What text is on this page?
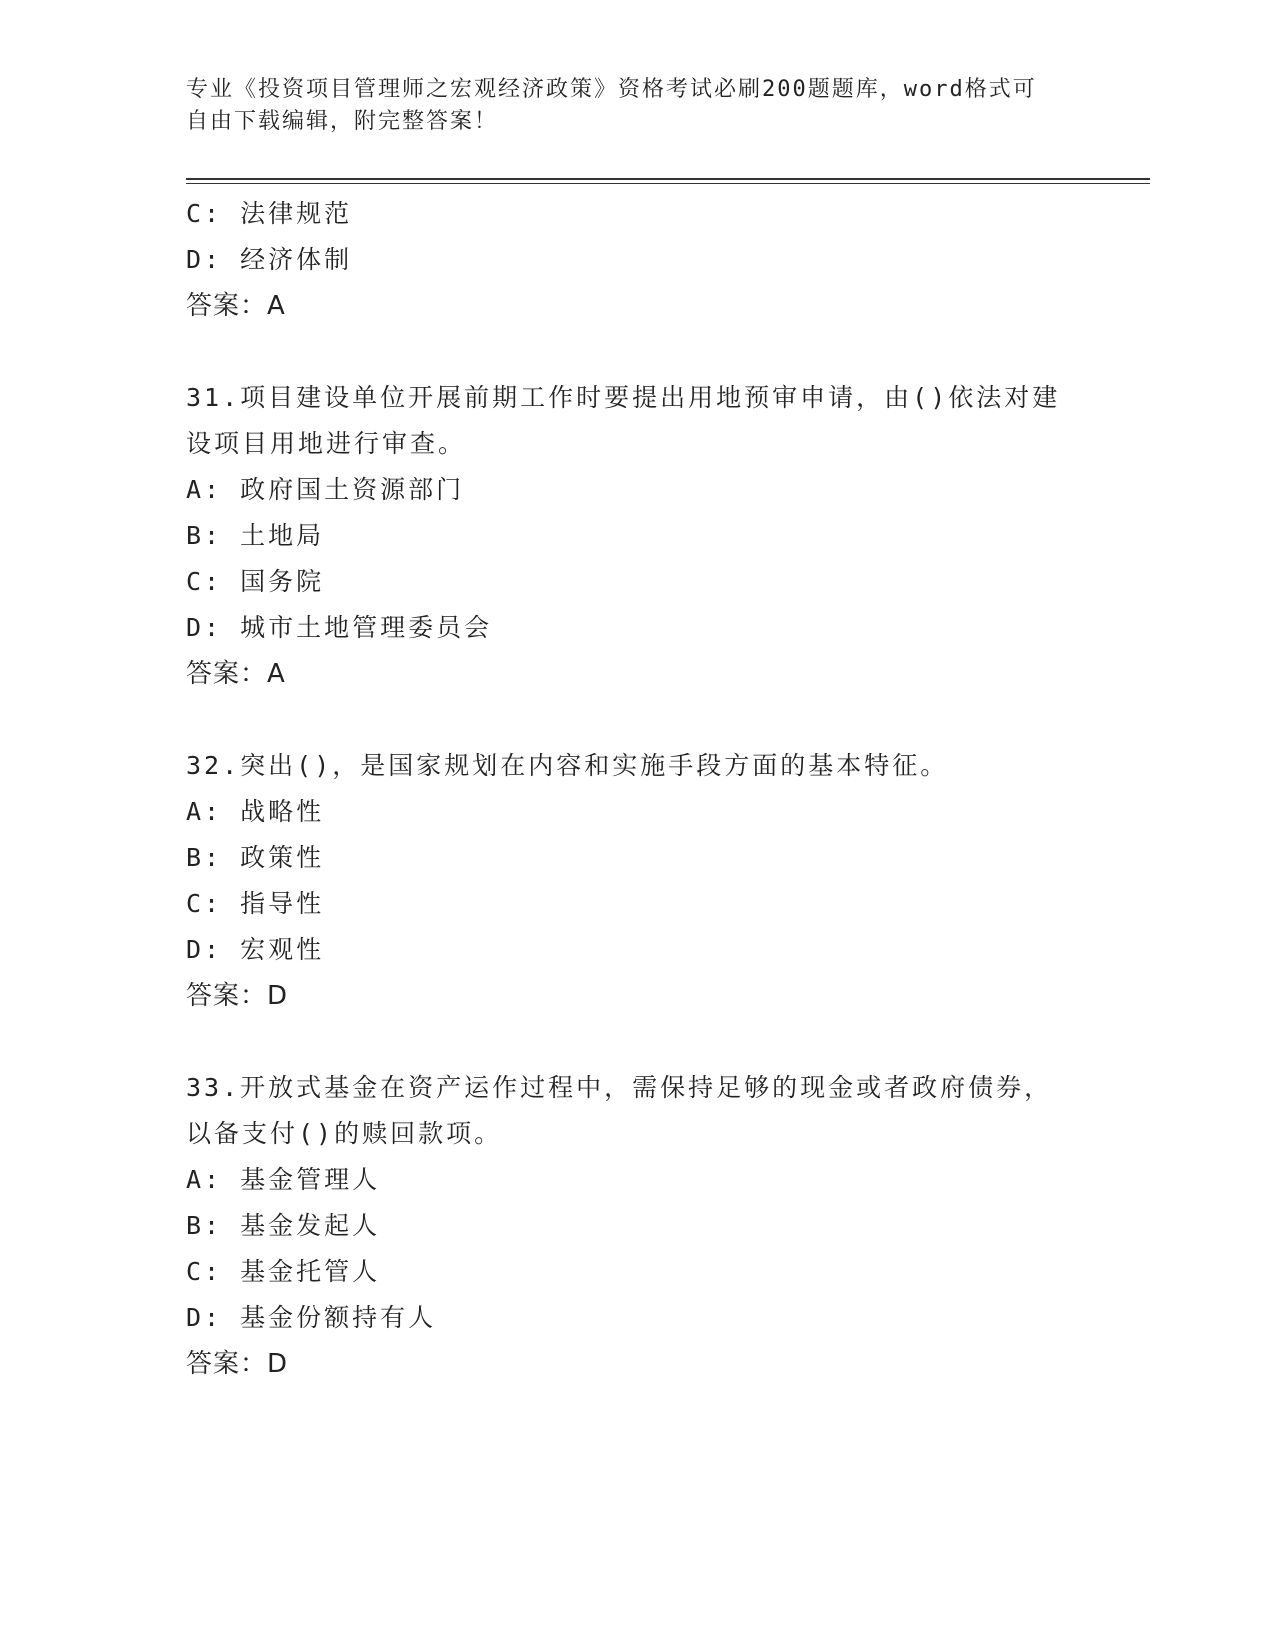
专业《投资项目管理师之宏观经济政策》资格考试必刷200题题库，word格式可
自由下载编辑，附完整答案！
C: 法律规范
D: 经济体制
答案：A
31.项目建设单位开展前期工作时要提出用地预审申请，由()依法对建
设项目用地进行审查。
A: 政府国土资源部门
B: 土地局
C: 国务院
D: 城市土地管理委员会
答案：A
32.突出()，是国家规划在内容和实施手段方面的基本特征。
A: 战略性
B: 政策性
C: 指导性
D: 宏观性
答案：D
33.开放式基金在资产运作过程中，需保持足够的现金或者政府债券，
以备支付()的赎回款项。
A: 基金管理人
B: 基金发起人
C: 基金托管人
D: 基金份额持有人
答案：D
